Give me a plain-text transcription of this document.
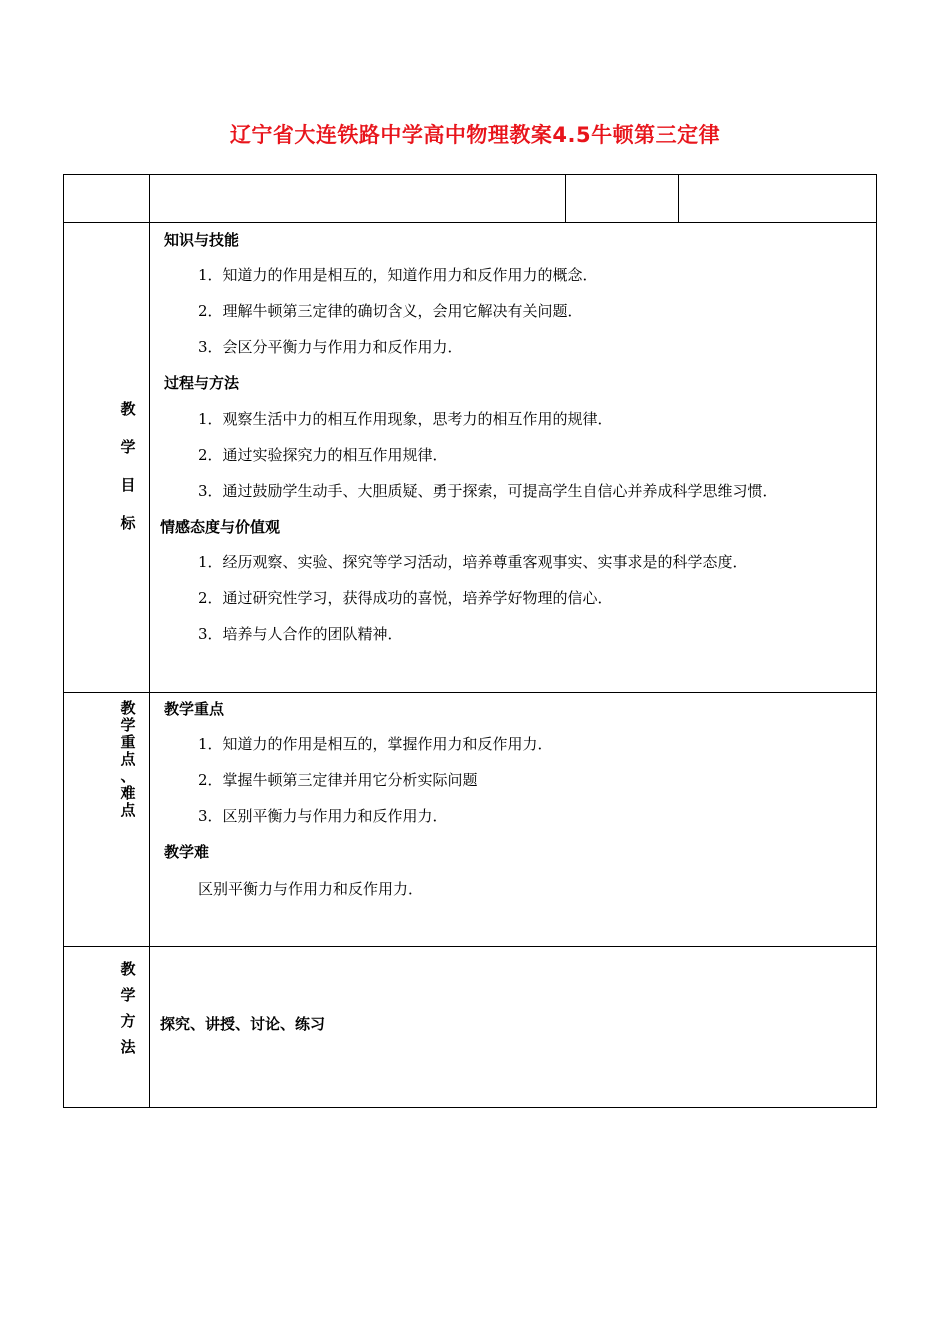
辽宁省大连铁路中学高中物理教案4.5牛顿第三定律
教
学
目
标
知识与技能
1．知道力的作用是相互的，知道作用力和反作用力的概念．
2．理解牛顿第三定律的确切含义，会用它解决有关问题．
3．会区分平衡力与作用力和反作用力．
过程与方法
1．观察生活中力的相互作用现象，思考力的相互作用的规律．
2．通过实验探究力的相互作用规律．
3．通过鼓励学生动手、大胆质疑、勇于探索，可提高学生自信心并养成科学思维习惯．
情感态度与价值观
1．经历观察、实验、探究等学习活动，培养尊重客观事实、实事求是的科学态度．
2．通过研究性学习，获得成功的喜悦，培养学好物理的信心．
3．培养与人合作的团队精神．
教
学
重
点
、
难
点
教学重点
1．知道力的作用是相互的，掌握作用力和反作用力．
2．掌握牛顿第三定律并用它分析实际问题
3．区别平衡力与作用力和反作用力．
教学难
区别平衡力与作用力和反作用力．
教
学
方
法
探究、讲授、讨论、练习
